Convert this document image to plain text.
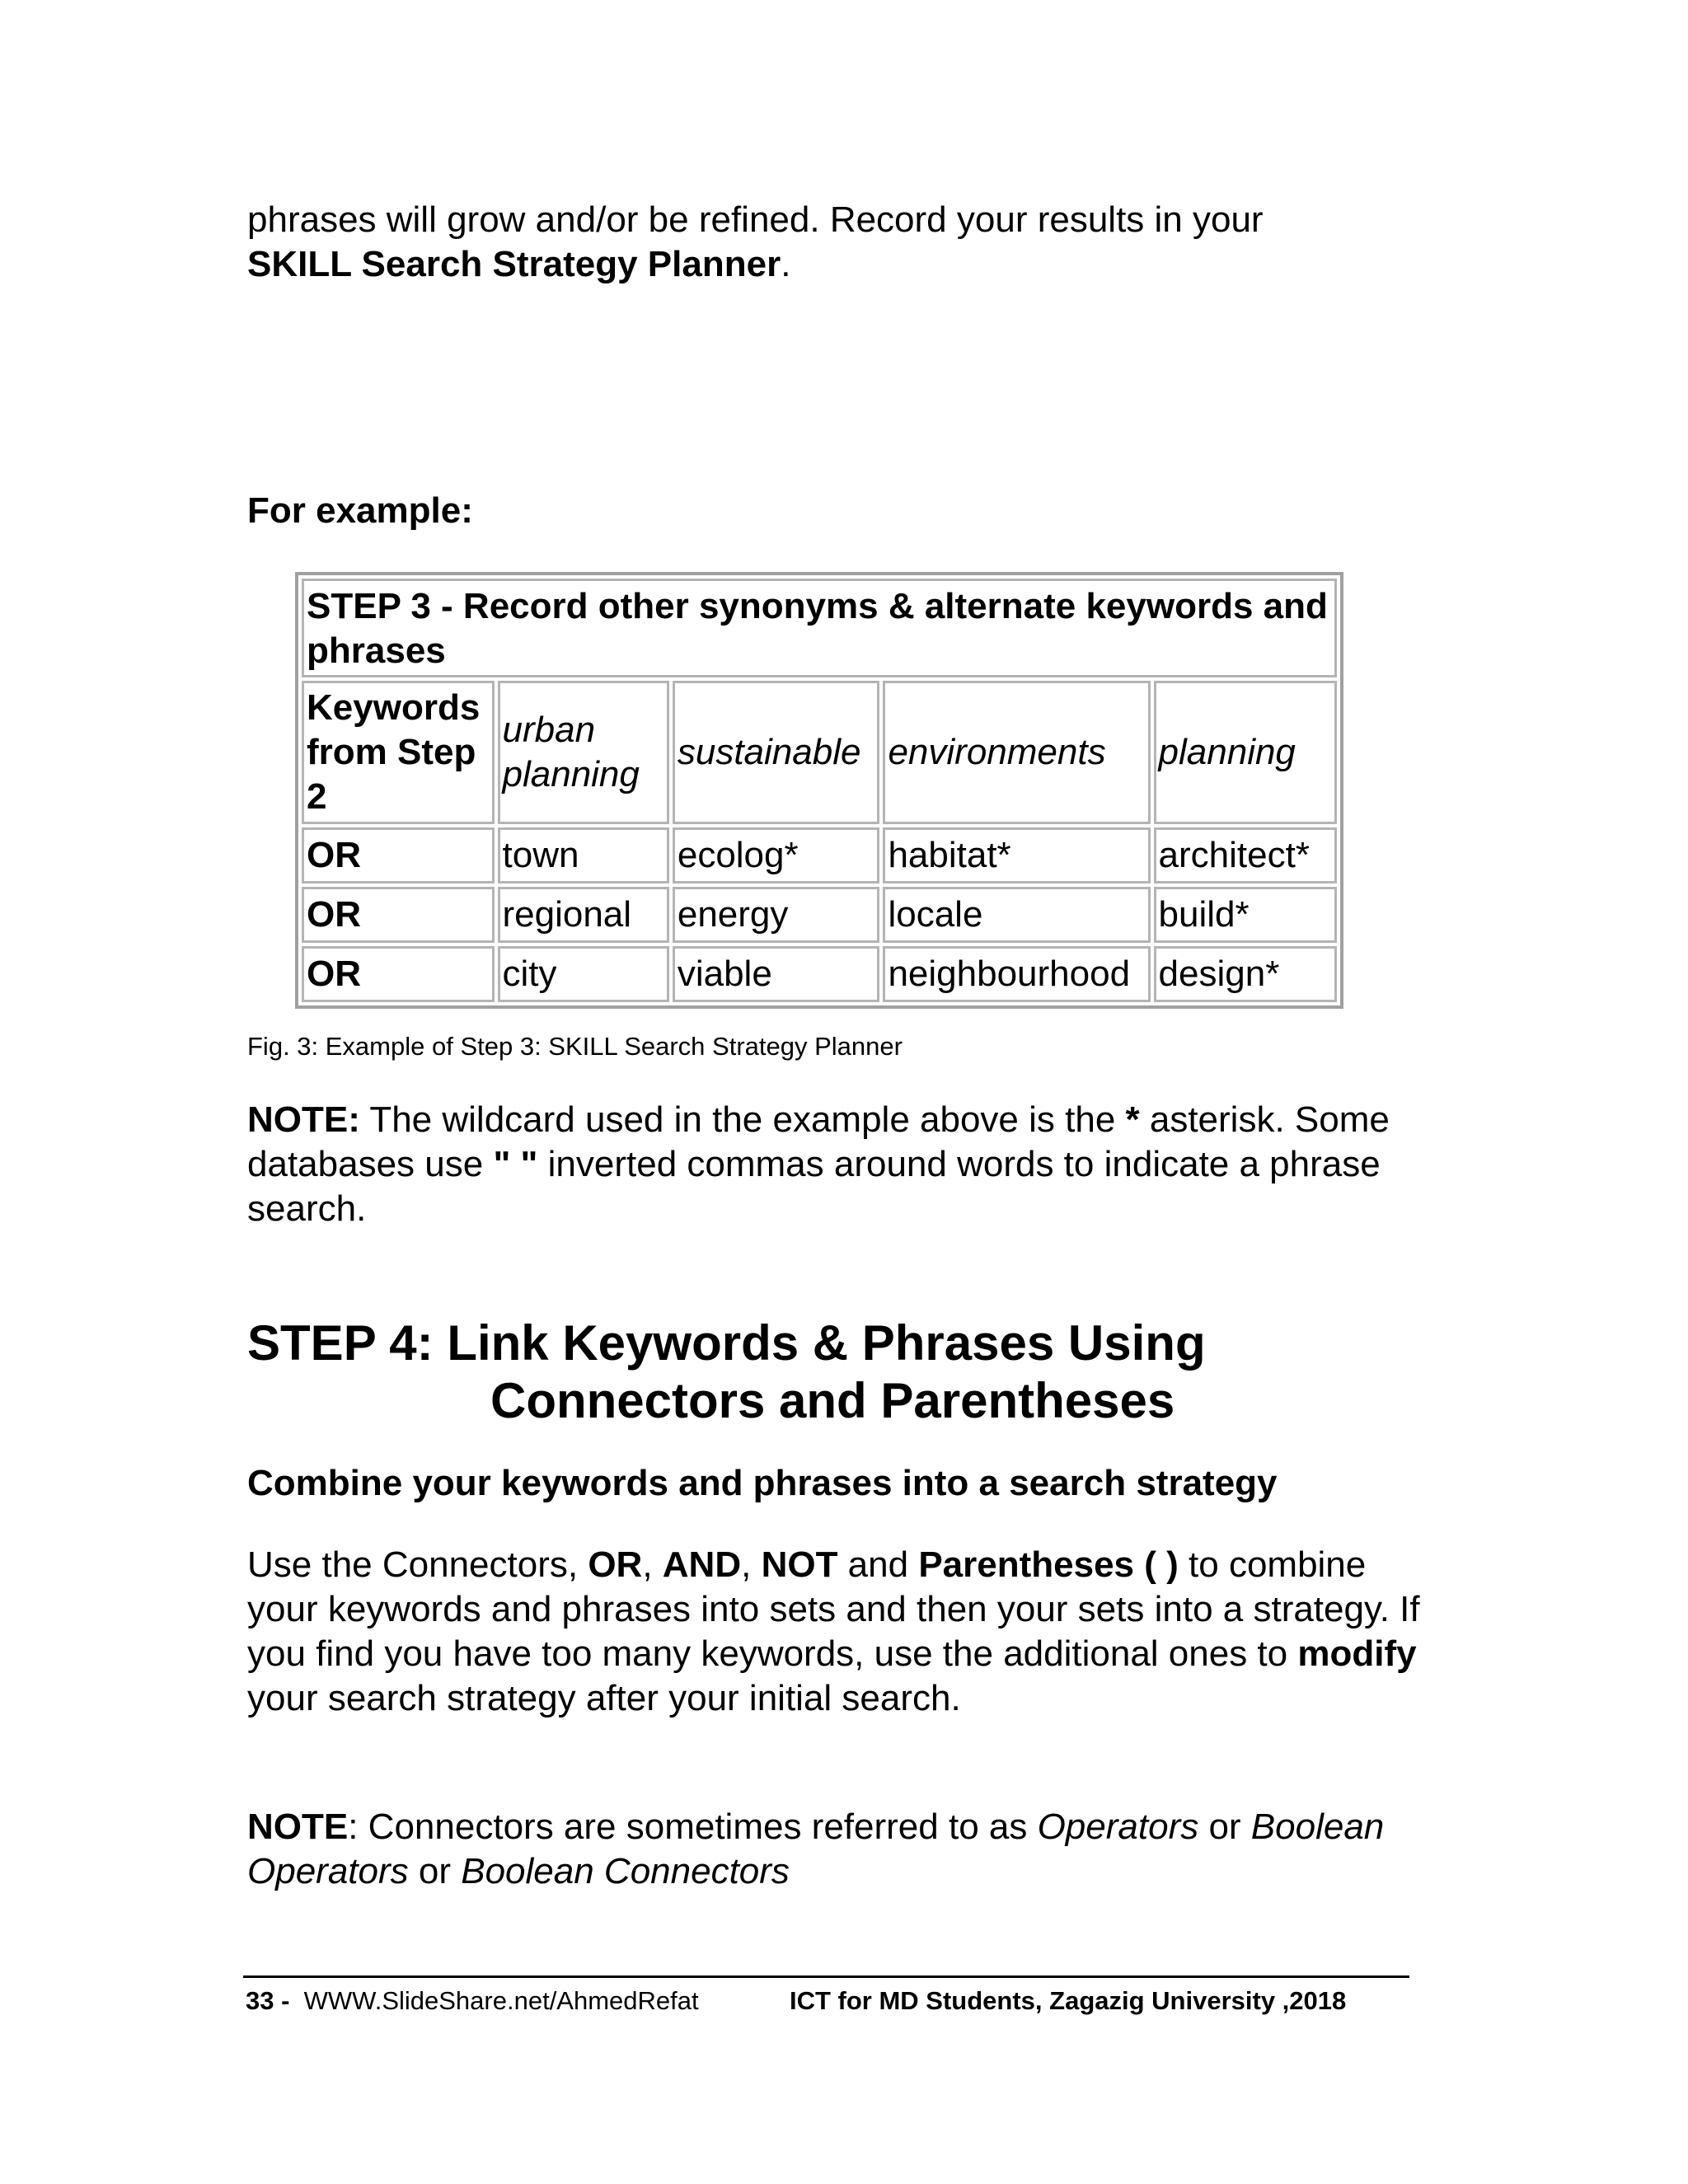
phrases will grow and/or be refined. Record your results in your
SKILL Search Strategy Planner.

For example:

STEP 3 - Record other synonyms & alternate keywords and phrases				
Keywords from Step 2	urban planning	sustainable	environments	planning
OR	town	ecolog*	habitat*	architect*
OR	regional	energy	locale	build*
OR	city	viable	neighbourhood	design*

Fig. 3: Example of Step 3: SKILL Search Strategy Planner

NOTE: The wildcard used in the example above is the * asterisk. Some databases use " " inverted commas around words to indicate a phrase search.

STEP 4: Link Keywords & Phrases Using
Connectors and Parentheses

Combine your keywords and phrases into a search strategy

Use the Connectors, OR, AND, NOT and Parentheses ( ) to combine your keywords and phrases into sets and then your sets into a strategy. If you find you have too many keywords, use the additional ones to modify your search strategy after your initial search.

NOTE: Connectors are sometimes referred to as Operators or Boolean Operators or Boolean Connectors

33 -  WWW.SlideShare.net/AhmedRefat	ICT for MD Students, Zagazig University ,2018
